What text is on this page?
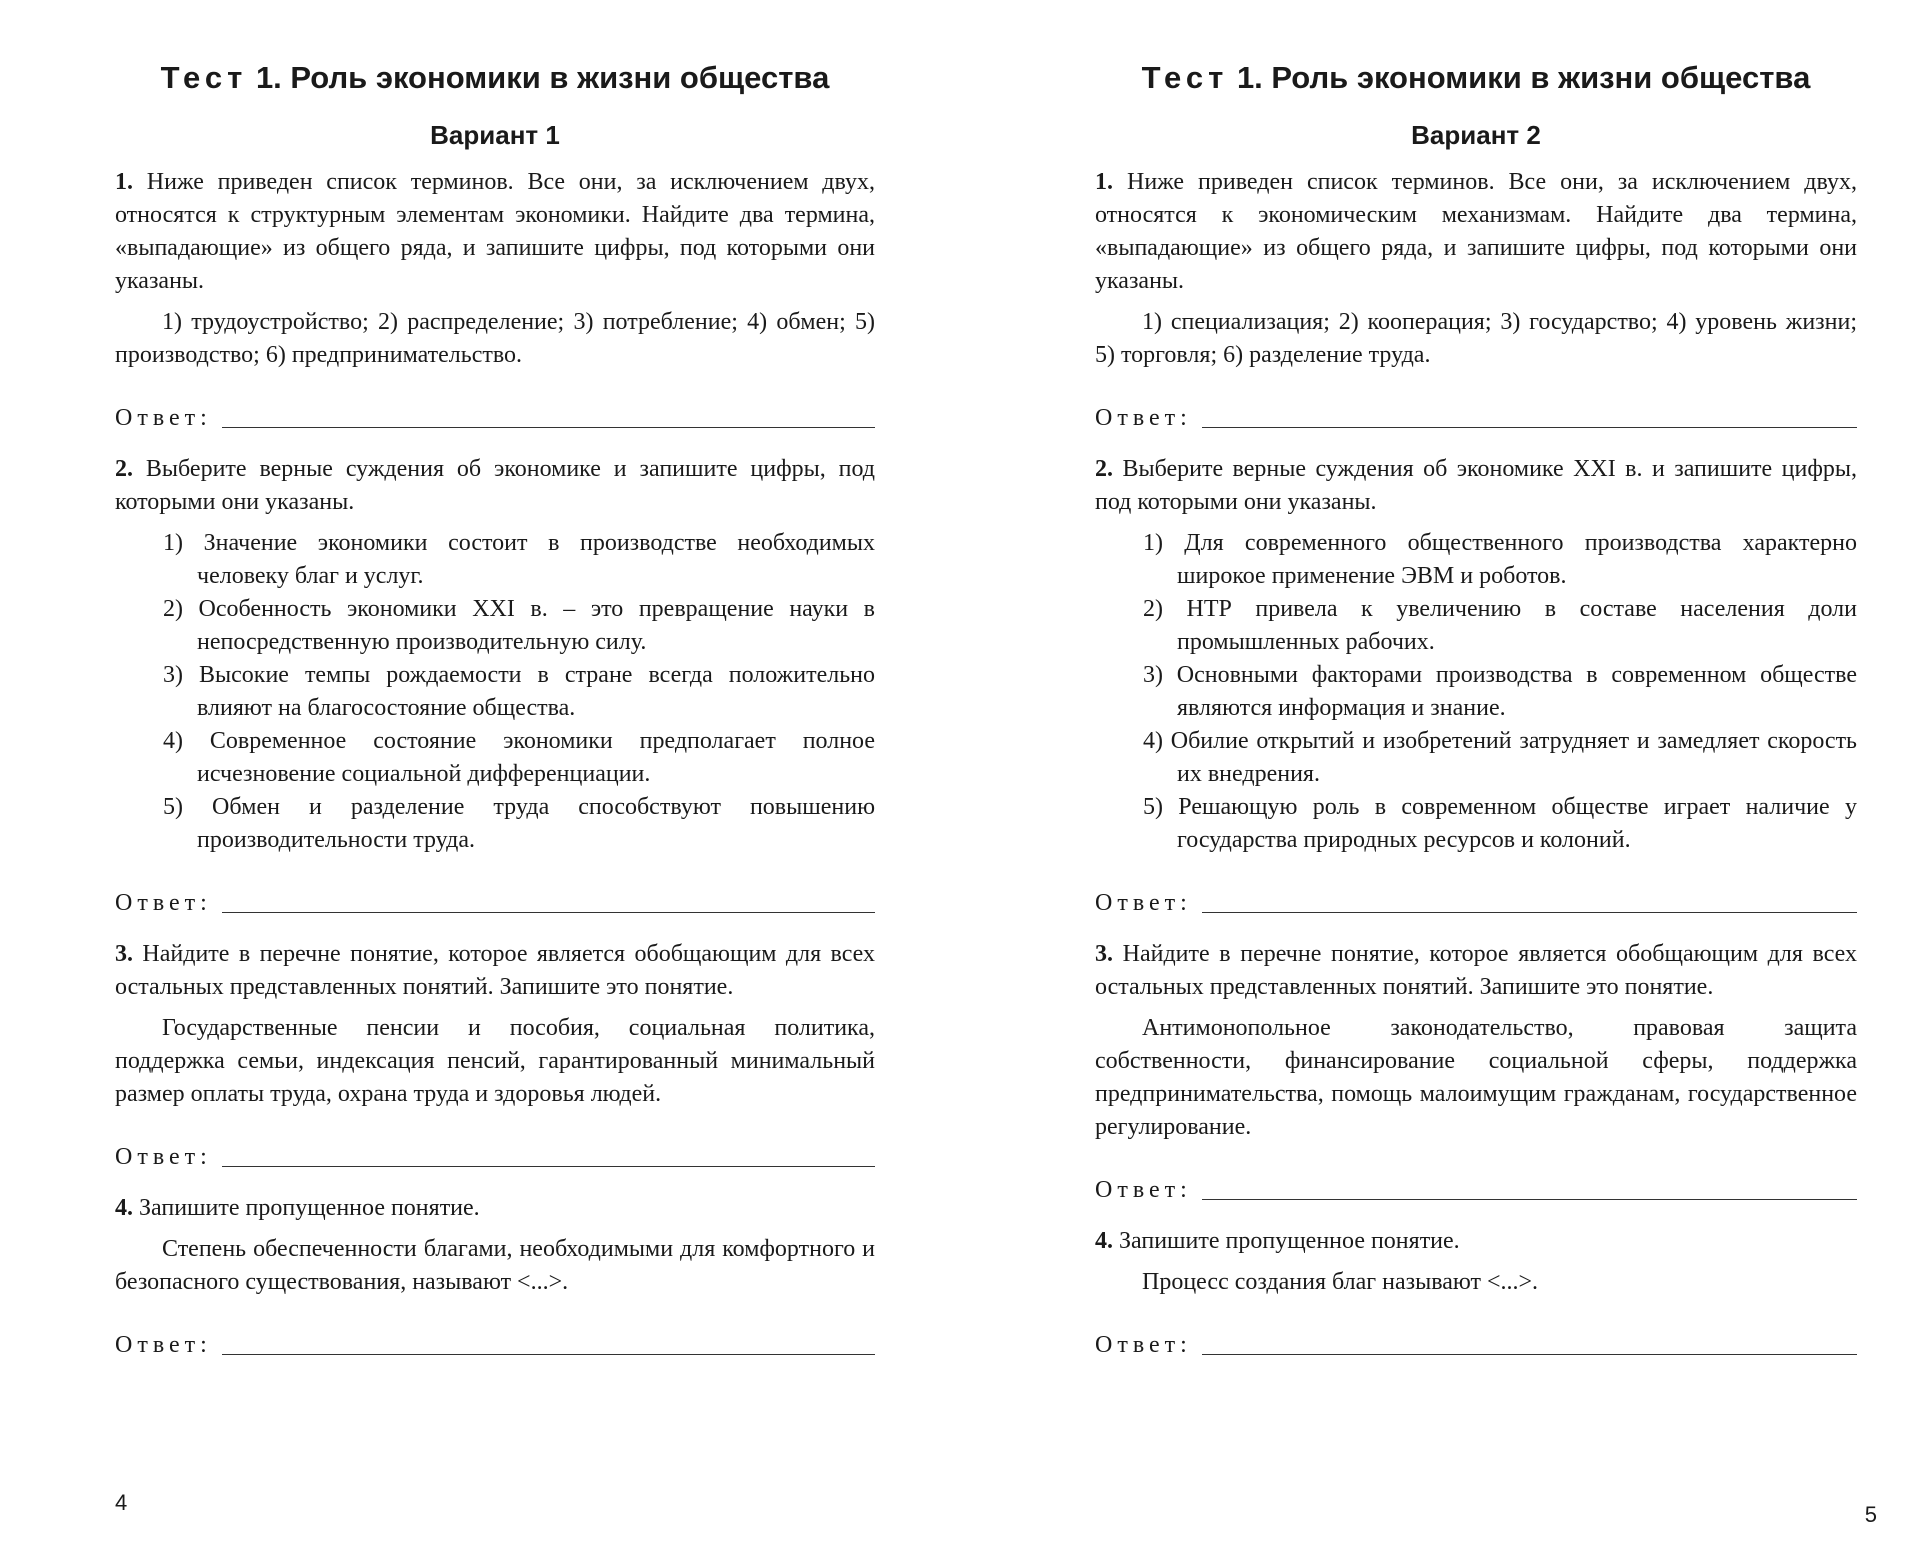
Тест 1. Роль экономики в жизни общества
Вариант 1

1. Ниже приведен список терминов. Все они, за исключением двух, относятся к структурным элементам экономики. Найдите два термина, «выпадающие» из общего ряда, и запишите цифры, под которыми они указаны.

1) трудоустройство; 2) распределение; 3) потребление; 4) обмен; 5) производство; 6) предпринимательство.

Ответ:

2. Выберите верные суждения об экономике и запишите цифры, под которыми они указаны.

1) Значение экономики состоит в производстве необходимых человеку благ и услуг.
2) Особенность экономики XXI в. – это превращение науки в непосредственную производительную силу.
3) Высокие темпы рождаемости в стране всегда положительно влияют на благосостояние общества.
4) Современное состояние экономики предполагает полное исчезновение социальной дифференциации.
5) Обмен и разделение труда способствуют повышению производительности труда.
Ответ:

3. Найдите в перечне понятие, которое является обобщающим для всех остальных представленных понятий. Запишите это понятие.

Государственные пенсии и пособия, социальная политика, поддержка семьи, индексация пенсий, гарантированный минимальный размер оплаты труда, охрана труда и здоровья людей.

Ответ:

4. Запишите пропущенное понятие.

Степень обеспеченности благами, необходимыми для комфортного и безопасного существования, называют <...>.

Ответ:
4
Тест 1. Роль экономики в жизни общества
Вариант 2

1. Ниже приведен список терминов. Все они, за исключением двух, относятся к экономическим механизмам. Найдите два термина, «выпадающие» из общего ряда, и запишите цифры, под которыми они указаны.

1) специализация; 2) кооперация; 3) государство; 4) уровень жизни; 5) торговля; 6) разделение труда.

Ответ:

2. Выберите верные суждения об экономике XXI в. и запишите цифры, под которыми они указаны.

1) Для современного общественного производства характерно широкое применение ЭВМ и роботов.
2) НТР привела к увеличению в составе населения доли промышленных рабочих.
3) Основными факторами производства в современном обществе являются информация и знание.
4) Обилие открытий и изобретений затрудняет и замедляет скорость их внедрения.
5) Решающую роль в современном обществе играет наличие у государства природных ресурсов и колоний.
Ответ:

3. Найдите в перечне понятие, которое является обобщающим для всех остальных представленных понятий. Запишите это понятие.

Антимонопольное законодательство, правовая защита собственности, финансирование социальной сферы, поддержка предпринимательства, помощь малоимущим гражданам, государственное регулирование.

Ответ:

4. Запишите пропущенное понятие.

Процесс создания благ называют <...>.

Ответ:
5
